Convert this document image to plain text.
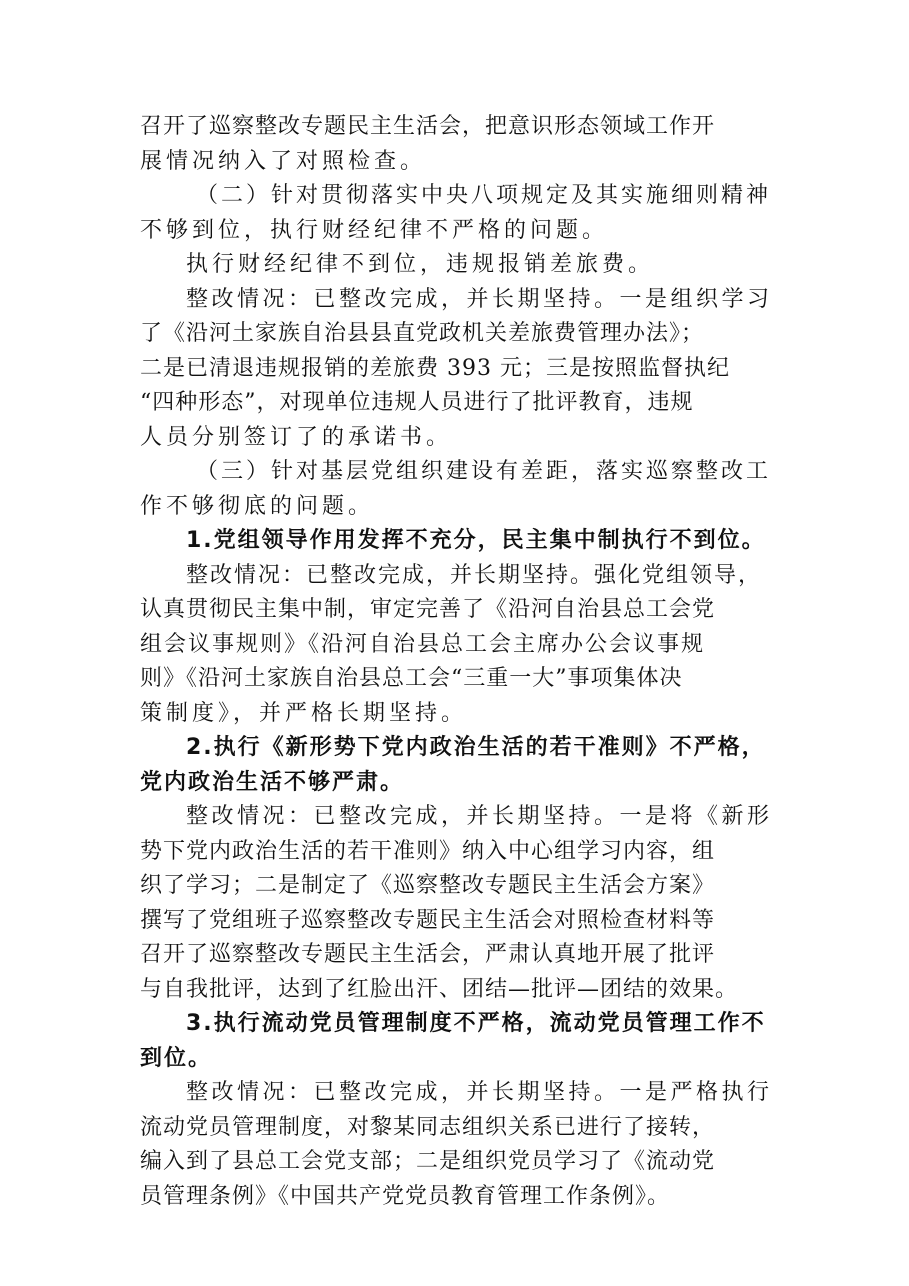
召开了巡察整改专题民主生活会，把意识形态领域工作开
展情况纳入了对照检查。
（二）针对贯彻落实中央八项规定及其实施细则精神
不够到位，执行财经纪律不严格的问题。
执行财经纪律不到位，违规报销差旅费。
整改情况：已整改完成，并长期坚持。一是组织学习
了《沿河土家族自治县县直党政机关差旅费管理办法》；
二是已清退违规报销的差旅费 393 元；三是按照监督执纪
“四种形态”，对现单位违规人员进行了批评教育，违规
人员分别签订了的承诺书。
（三）针对基层党组织建设有差距，落实巡察整改工
作不够彻底的问题。
1.党组领导作用发挥不充分，民主集中制执行不到位。
整改情况：已整改完成，并长期坚持。强化党组领导，
认真贯彻民主集中制，审定完善了《沿河自治县总工会党
组会议事规则》《沿河自治县总工会主席办公会议事规
则》《沿河土家族自治县总工会“三重一大”事项集体决
策制度》，并严格长期坚持。
2.执行《新形势下党内政治生活的若干准则》不严格，
党内政治生活不够严肃。
整改情况：已整改完成，并长期坚持。一是将《新形
势下党内政治生活的若干准则》纳入中心组学习内容，组
织了学习；二是制定了《巡察整改专题民主生活会方案》
撰写了党组班子巡察整改专题民主生活会对照检查材料等
召开了巡察整改专题民主生活会，严肃认真地开展了批评
与自我批评，达到了红脸出汗、团结—批评—团结的效果。
3.执行流动党员管理制度不严格，流动党员管理工作不
到位。
整改情况：已整改完成，并长期坚持。一是严格执行
流动党员管理制度，对黎某同志组织关系已进行了接转，
编入到了县总工会党支部；二是组织党员学习了《流动党
员管理条例》《中国共产党党员教育管理工作条例》。
